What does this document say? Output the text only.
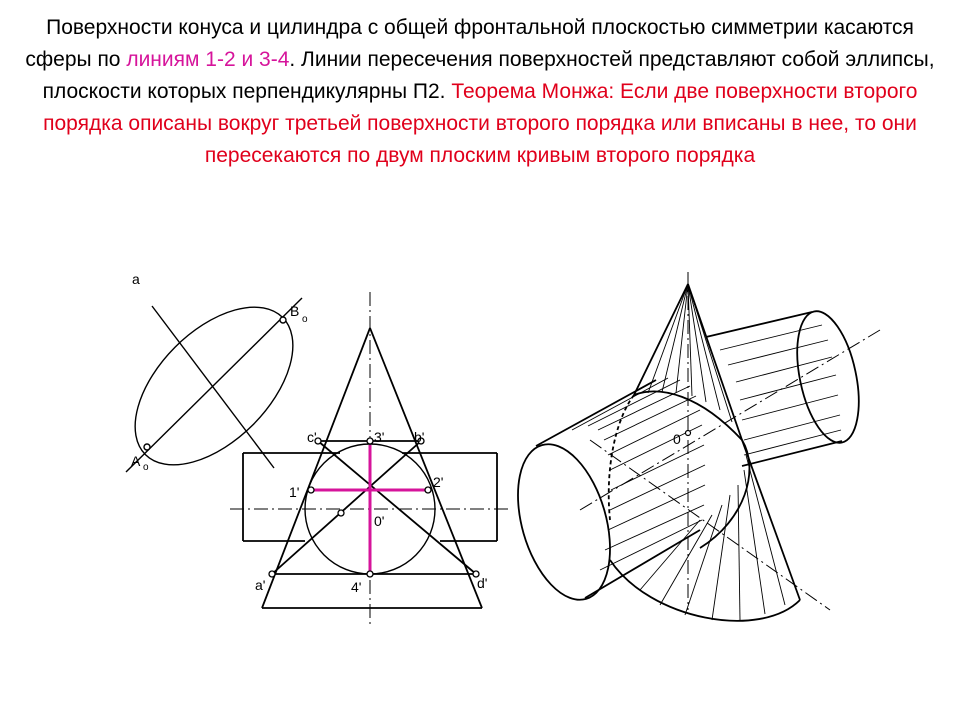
Поверхности конуса и цилиндра с общей фронтальной плоскостью симметрии касаются сферы по линиям 1-2 и 3-4. Линии пересечения поверхностей представляют собой эллипсы, плоскости которых перпендикулярны П2. Теорема Монжа: Если две поверхности второго порядка описаны вокруг третьей поверхности второго порядка или вписаны в нее, то они пересекаются по двум плоским кривым второго порядка
a
B
o
A o
c'	3' b'
1'
2'
0'
a'	4'	d'
0
